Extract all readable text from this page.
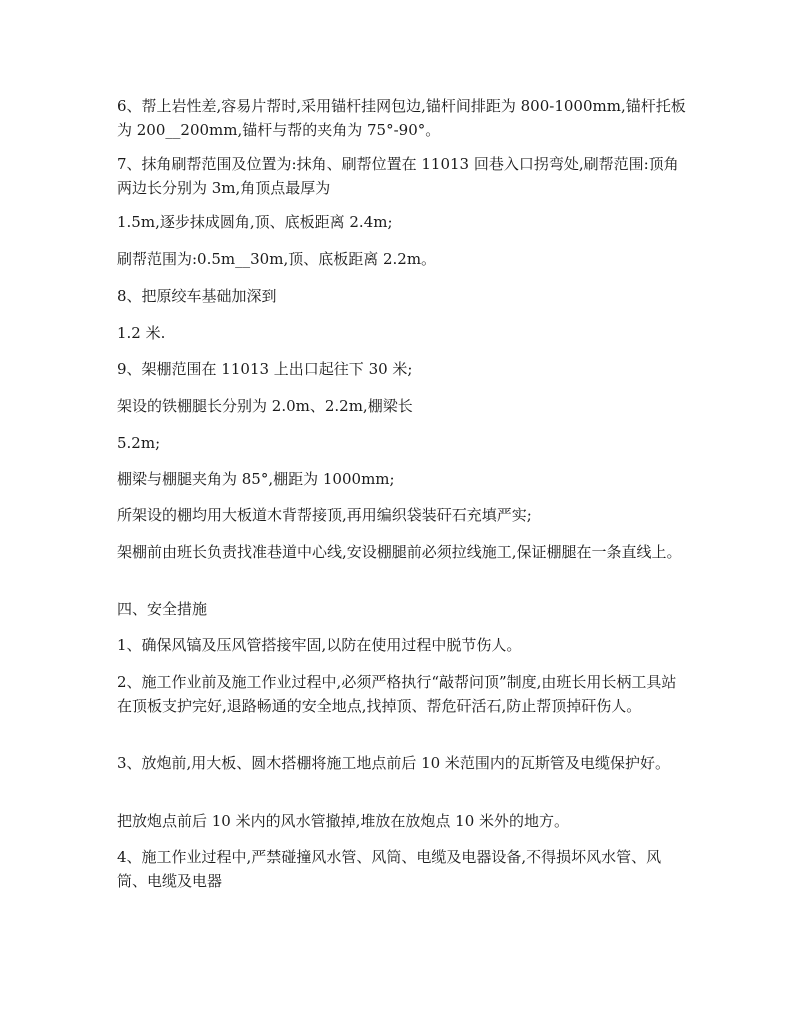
6、帮上岩性差,容易片帮时,采用锚杆挂网包边,锚杆间排距为 800-1000mm,锚杆托板为 200__200mm,锚杆与帮的夹角为 75°-90°。

7、抹角刷帮范围及位置为:抹角、刷帮位置在 11013 回巷入口拐弯处,刷帮范围:顶角两边长分别为 3m,角顶点最厚为

1.5m,逐步抹成圆角,顶、底板距离 2.4m;

刷帮范围为:0.5m__30m,顶、底板距离 2.2m。

8、把原绞车基础加深到

1.2 米.

9、架棚范围在 11013 上出口起往下 30 米;

架设的铁棚腿长分别为 2.0m、2.2m,棚梁长

5.2m;

棚梁与棚腿夹角为 85°,棚距为 1000mm;

所架设的棚均用大板道木背帮接顶,再用编织袋装矸石充填严实;

架棚前由班长负责找准巷道中心线,安设棚腿前必须拉线施工,保证棚腿在一条直线上。

四、安全措施

1、确保风镐及压风管搭接牢固,以防在使用过程中脱节伤人。

2、施工作业前及施工作业过程中,必须严格执行“敲帮问顶”制度,由班长用长柄工具站在顶板支护完好,退路畅通的安全地点,找掉顶、帮危矸活石,防止帮顶掉矸伤人。

3、放炮前,用大板、圆木搭棚将施工地点前后 10 米范围内的瓦斯管及电缆保护好。

把放炮点前后 10 米内的风水管撤掉,堆放在放炮点 10 米外的地方。

4、施工作业过程中,严禁碰撞风水管、风筒、电缆及电器设备,不得损坏风水管、风筒、电缆及电器
